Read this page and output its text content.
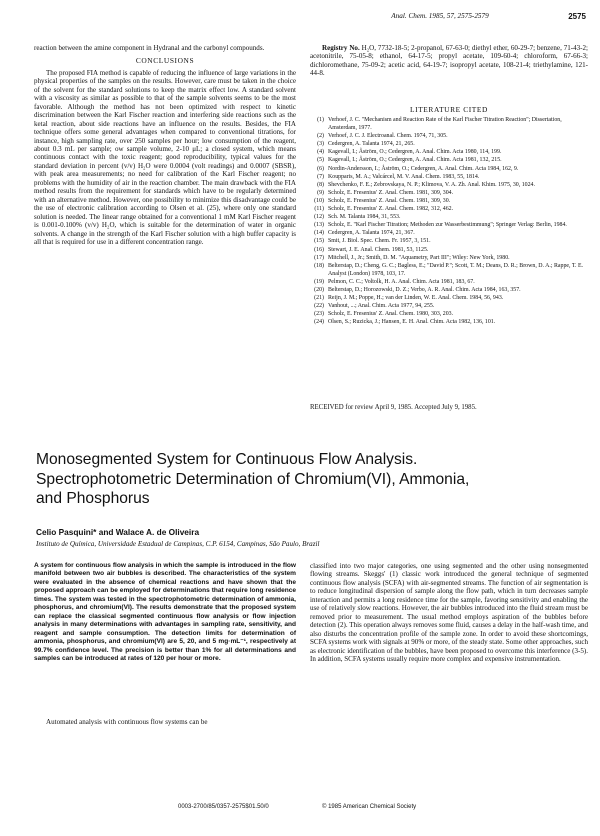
Anal. Chem. 1985, 57, 2575-2579	2575

reaction between the amine component in Hydranal and the carbonyl compounds.

CONCLUSIONS

The proposed FIA method is capable of reducing the influence of large variations in the physical properties of the samples on the results. However, care must be taken in the choice of the solvent for the standard solutions to keep the matrix effect low. A standard solvent with a viscosity as similar as possible to that of the sample solvents seems to be the most favorable. Although the method has not been optimized with respect to kinetic discrimination between the Karl Fischer reaction and interfering side reactions such as the ketal reaction, about side reactions have an influence on the results. Besides, the FIA technique offers some general advantages when compared to conventional titrations, for instance, high sampling rate, over 250 samples per hour; low consumption of the reagent, about 0.3 mL per sample; ow sample volume, 2-10 μL; a closed system, which means continuous contact with the toxic reagent; good reproducibility, typical values for the standard deviation in percent (v/v) H₂O were 0.0004 (volt readings) and 0.0007 (SBSR), with peak area measurements; no need for calibration of the Karl Fischer reagent; no problems with the humidity of air in the reaction chamber. The main drawback with the FIA method results from the requirement for standards which have to be regularly determined with an alternative method. However, one possibility to minimize this disadvantage could be the use of electronic calibration according to Olsen et al. (25), where only one standard solution is needed. The linear range obtained for a conventional 1 mM Karl Fischer reagent is 0.001-0.100% (v/v) H₂O, which is suitable for the determination of water in organic solvents. A change in the strength of the Karl Fischer solution with a high buffer capacity is all that is required for use in a different concentration range.

Registry No. H₂O, 7732-18-5; 2-propanol, 67-63-0; diethyl ether, 60-29-7; benzene, 71-43-2; acetonitrile, 75-05-8; ethanol, 64-17-5; propyl acetate, 109-60-4; chloroform, 67-66-3; dichloromethane, 75-09-2; acetic acid, 64-19-7; isopropyl acetate, 108-21-4; triethylamine, 121-44-8.

LITERATURE CITED
(1) Verhoef, J. C. "Mechanism and Reaction Rate of the Karl Fischer Titration Reaction"; Dissertation, Amsterdam, 1977.
(2) Verhoef, J. C. J. Electroanal. Chem. 1974, 71, 305.
(3) Cedergren, A. Talanta 1974, 21, 265.
(4) Kagevall, I.; Åström, O.; Cedergren, A. Anal. Chim. Acta 1980, 114, 199.
(5) Kagevall, I.; Åström, O.; Cedergren, A. Anal. Chim. Acta 1981, 132, 215.
(6) Nordin-Andersson, I.; Åström, O.; Cedergren, A. Anal. Chim. Acta 1984, 162, 9.
(7) Koupparis, M. A.; Valcárcel, M. V. Anal. Chem. 1983, 55, 1814.
(8) Shevchenko, F. E.; Zebrovskaya, N. P.; Klimova, V. A. Zh. Anal. Khim. 1975, 30, 1024.
(9) Scholz, E. Fresenius' Z. Anal. Chem. 1981, 309, 304.
(10) Scholz, E. Fresenius' Z. Anal. Chem. 1981, 309, 30.
(11) Scholz, E. Fresenius' Z. Anal. Chem. 1982, 312, 462.
(12) Sch. M. Talanta 1984, 31, 553.
(13) Scholz, E. "Karl Fischer Titration; Methoden zur Wasserbestimmung"; Springer Verlag: Berlin, 1984.
(14) Cedergren, A. Talanta 1974, 21, 367.
(15) Smit, J. Biol. Spec. Chem. Fr. 1957, 3, 151.
(16) Stewart, J. E. Anal. Chem. 1981, 53, 1125.
(17) Mitchell, J., Jr.; Smith, D. M. "Aquametry, Part III"; Wiley: New York, 1980.
(18) Belterstap, D.; Cheng, G. C.; Bagless, E.; "David P."; Scott, T. M.; Deans, D. R.; Brown, D. A.; Rappe, T. E. Analyst (London) 1978, 103, 17.
(19) Pelmon, C. C.; Voltolk, H. A. Anal. Chim. Acta 1981, 183, 67.
(20) Belterstap, D.; Horozowski, D. Z.; Verbo, A. R. Anal. Chim. Acta 1984, 163, 357.
(21) Reijn, J. M.; Poppe, H.; van der Linden, W. E. Anal. Chem. 1984, 56, 943.
(22) Vanhout, ...; Anal. Chim. Acta 1977, 94, 255.
(23) Scholz, E. Fresenius' Z. Anal. Chem. 1980, 303, 203.
(24) Olsen, S.; Ruzicka, J.; Hansen, E. H. Anal. Chim. Acta 1982, 136, 101.
RECEIVED for review April 9, 1985. Accepted July 9, 1985.
Monosegmented System for Continuous Flow Analysis.
Spectrophotometric Determination of Chromium(VI), Ammonia,
and Phosphorus
Celio Pasquini* and Walace A. de Oliveira
Instituto de Química, Universidade Estadual de Campinas, C.P. 6154, Campinas, São Paulo, Brazil
A system for continuous flow analysis in which the sample is introduced in the flow manifold between two air bubbles is described. The characteristics of the system were evaluated in the absence of chemical reactions and have shown that the proposed approach can be employed for determinations that require long residence times. The system was tested in the spectrophotometric determination of ammonia, phosphorus, and chromium(VI). The results demonstrate that the proposed system can replace the classical segmented continuous flow analysis or flow injection analysis in many determinations with advantages in sampling rate, sensitivity, and reagent and sample consumption. The detection limits for determination of ammonia, phosphorus, and chromium(VI) are 5, 20, and 5 mg·mL⁻¹, respectively at 99.7% confidence level. The precision is better than 1% for all determinations and samples can be introduced at rates of 120 per hour or more.

Automated analysis with continuous flow systems can be

classified into two major categories, one using segmented and the other using nonsegmented flowing streams. Skeggs' (1) classic work introduced the general technique of segmented continuous flow analysis (SCFA) with air-segmented streams. The function of air segmentation is to reduce longitudinal dispersion of sample along the flow path, which in turn decreases sample interaction and permits a long residence time for the sample, favoring sensitivity and enabling the use of relatively slow reactions. However, the air bubbles introduced into the fluid stream must be removed prior to measurement. The usual method employs aspiration of the bubbles before detection (2). This operation always removes some fluid, causes a delay in the half-wash time, and also disturbs the concentration profile of the sample zone. In order to avoid these shortcomings, SCFA systems work with signals at 90% or more, of the steady state. Some other approaches, such as electronic identification of the bubbles, have been proposed to overcome this interference (3-5). In addition, SCFA systems usually require more complex and expensive instrumentation.

0003-2700/85/0357-2575$01.50/0	© 1985 American Chemical Society
